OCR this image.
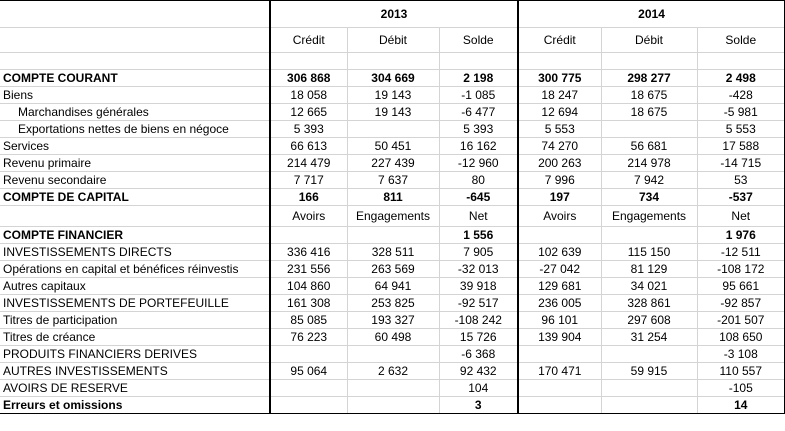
	2013			2014		
	Crédit	Débit	Solde	Crédit	Débit	Solde

COMPTE COURANT	306 868	304 669	2 198	300 775	298 277	2 498
Biens	18 058	19 143	-1 085	18 247	18 675	-428
Marchandises générales	12 665	19 143	-6 477	12 694	18 675	-5 981
Exportations nettes de biens en négoce	5 393		5 393	5 553		5 553
Services	66 613	50 451	16 162	74 270	56 681	17 588
Revenu primaire	214 479	227 439	-12 960	200 263	214 978	-14 715
Revenu secondaire	7 717	7 637	80	7 996	7 942	53
COMPTE DE CAPITAL	166	811	-645	197	734	-537
	Avoirs	Engagements	Net	Avoirs	Engagements	Net
COMPTE FINANCIER			1 556			1 976
INVESTISSEMENTS DIRECTS	336 416	328 511	7 905	102 639	115 150	-12 511
Opérations en capital et bénéfices réinvestis	231 556	263 569	-32 013	-27 042	81 129	-108 172
Autres capitaux	104 860	64 941	39 918	129 681	34 021	95 661
INVESTISSEMENTS DE PORTEFEUILLE	161 308	253 825	-92 517	236 005	328 861	-92 857
Titres de participation	85 085	193 327	-108 242	96 101	297 608	-201 507
Titres de créance	76 223	60 498	15 726	139 904	31 254	108 650
PRODUITS FINANCIERS DERIVES			-6 368			-3 108
AUTRES INVESTISSEMENTS	95 064	2 632	92 432	170 471	59 915	110 557
AVOIRS DE RESERVE			104			-105
Erreurs et omissions			3			14
